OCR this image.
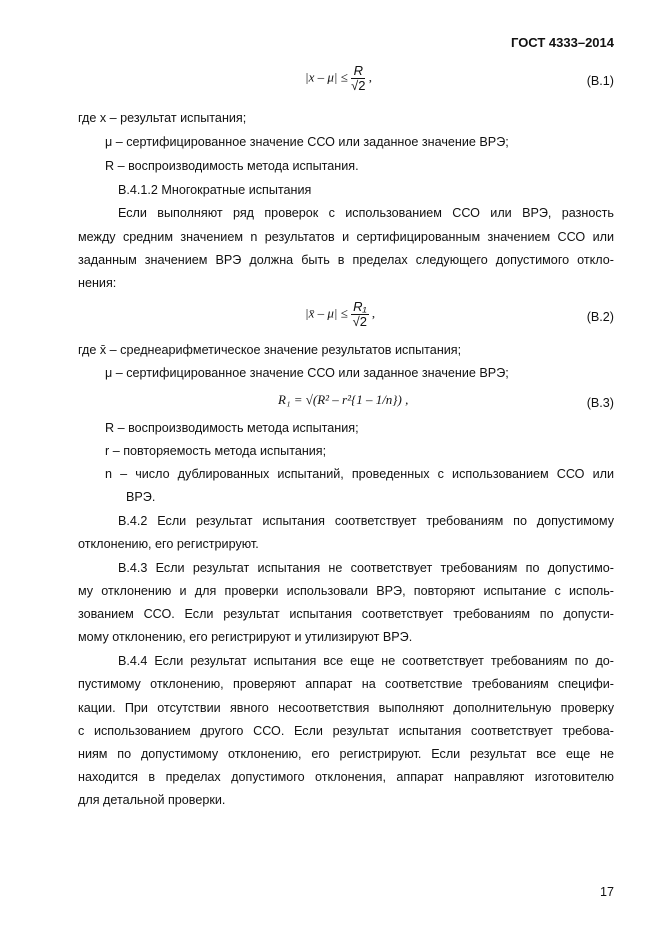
ГОСТ 4333–2014
$|x - \mu| \le \frac{R}{√2}$ ,	(B.1)
|x̄ – $\mu| \le \frac{\text{R₁}}{√2}$ ,	(B.2)
R₁ = √(R² – r²{1 – 1/n}) ,	(B.3)
где x – результат испытания;
μ – сертифицированное значение ССО или заданное значение ВРЭ;
R – воспроизводимость метода испытания.
В.4.1.2 Многократные испытания
Если выполняют ряд проверок с использованием ССО или ВРЭ, разность
между средним значением n результатов и сертифицированным значением ССО или
заданным значением ВРЭ должна быть в пределах следующего допустимого откло-
нения:
где x̄ – среднеарифметическое значение результатов испытания;
μ – сертифицированное значение ССО или заданное значение ВРЭ;
R – воспроизводимость метода испытания;
r – повторяемость метода испытания;
n – число дублированных испытаний, проведенных с использованием ССО или
ВРЭ.
В.4.2 Если результат испытания соответствует требованиям по допустимому
отклонению, его регистрируют.
В.4.3 Если результат испытания не соответствует требованиям по допустимо-
му отклонению и для проверки использовали ВРЭ, повторяют испытание с исполь-
зованием ССО. Если результат испытания соответствует требованиям по допусти-
мому отклонению, его регистрируют и утилизируют ВРЭ.
В.4.4 Если результат испытания все еще не соответствует требованиям по до-
пустимому отклонению, проверяют аппарат на соответствие требованиям специфи-
кации. При отсутствии явного несоответствия выполняют дополнительную проверку
с использованием другого ССО. Если результат испытания соответствует требова-
ниям по допустимому отклонению, его регистрируют. Если результат все еще не
находится в пределах допустимого отклонения, аппарат направляют изготовителю
для детальной проверки.
17
